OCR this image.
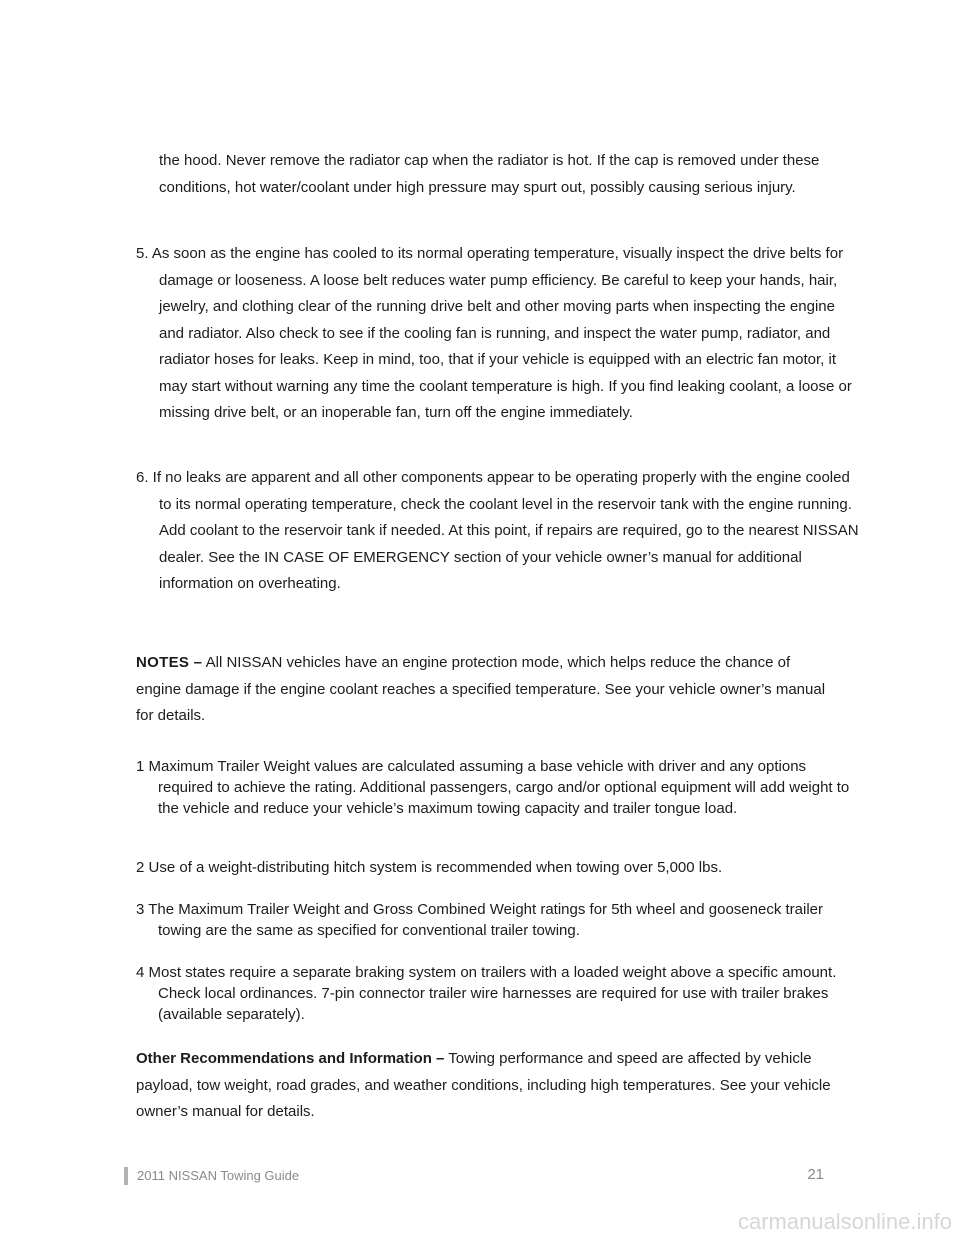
the hood. Never remove the radiator cap when the radiator is hot. If the cap is removed under these conditions, hot water/coolant under high pressure may spurt out, possibly causing serious injury.

5. As soon as the engine has cooled to its normal operating temperature, visually inspect the drive belts for damage or looseness. A loose belt reduces water pump efficiency. Be careful to keep your hands, hair, jewelry, and clothing clear of the running drive belt and other moving parts when inspecting the engine and radiator. Also check to see if the cooling fan is running, and inspect the water pump, radiator, and radiator hoses for leaks. Keep in mind, too, that if your vehicle is equipped with an electric fan motor, it may start without warning any time the coolant temperature is high. If you find leaking coolant, a loose or missing drive belt, or an inoperable fan, turn off the engine immediately.

6. If no leaks are apparent and all other components appear to be operating properly with the engine cooled to its normal operating temperature, check the coolant level in the reservoir tank with the engine running. Add coolant to the reservoir tank if needed. At this point, if repairs are required, go to the nearest NISSAN dealer. See the IN CASE OF EMERGENCY section of your vehicle owner’s manual for additional information on overheating.

NOTES – All NISSAN vehicles have an engine protection mode, which helps reduce the chance of engine damage if the engine coolant reaches a specified temperature. See your vehicle owner’s manual for details.

1 Maximum Trailer Weight values are calculated assuming a base vehicle with driver and any options required to achieve the rating. Additional passengers, cargo and/or optional equipment will add weight to the vehicle and reduce your vehicle’s maximum towing capacity and trailer tongue load.

2 Use of a weight-distributing hitch system is recommended when towing over 5,000 lbs.

3 The Maximum Trailer Weight and Gross Combined Weight ratings for 5th wheel and gooseneck trailer towing are the same as specified for conventional trailer towing.

4 Most states require a separate braking system on trailers with a loaded weight above a specific amount. Check local ordinances. 7-pin connector trailer wire harnesses are required for use with trailer brakes (available separately).

Other Recommendations and Information – Towing performance and speed are affected by vehicle payload, tow weight, road grades, and weather conditions, including high temperatures. See your vehicle owner’s manual for details.

2011 NISSAN Towing Guide	21
carmanualsonline.info
